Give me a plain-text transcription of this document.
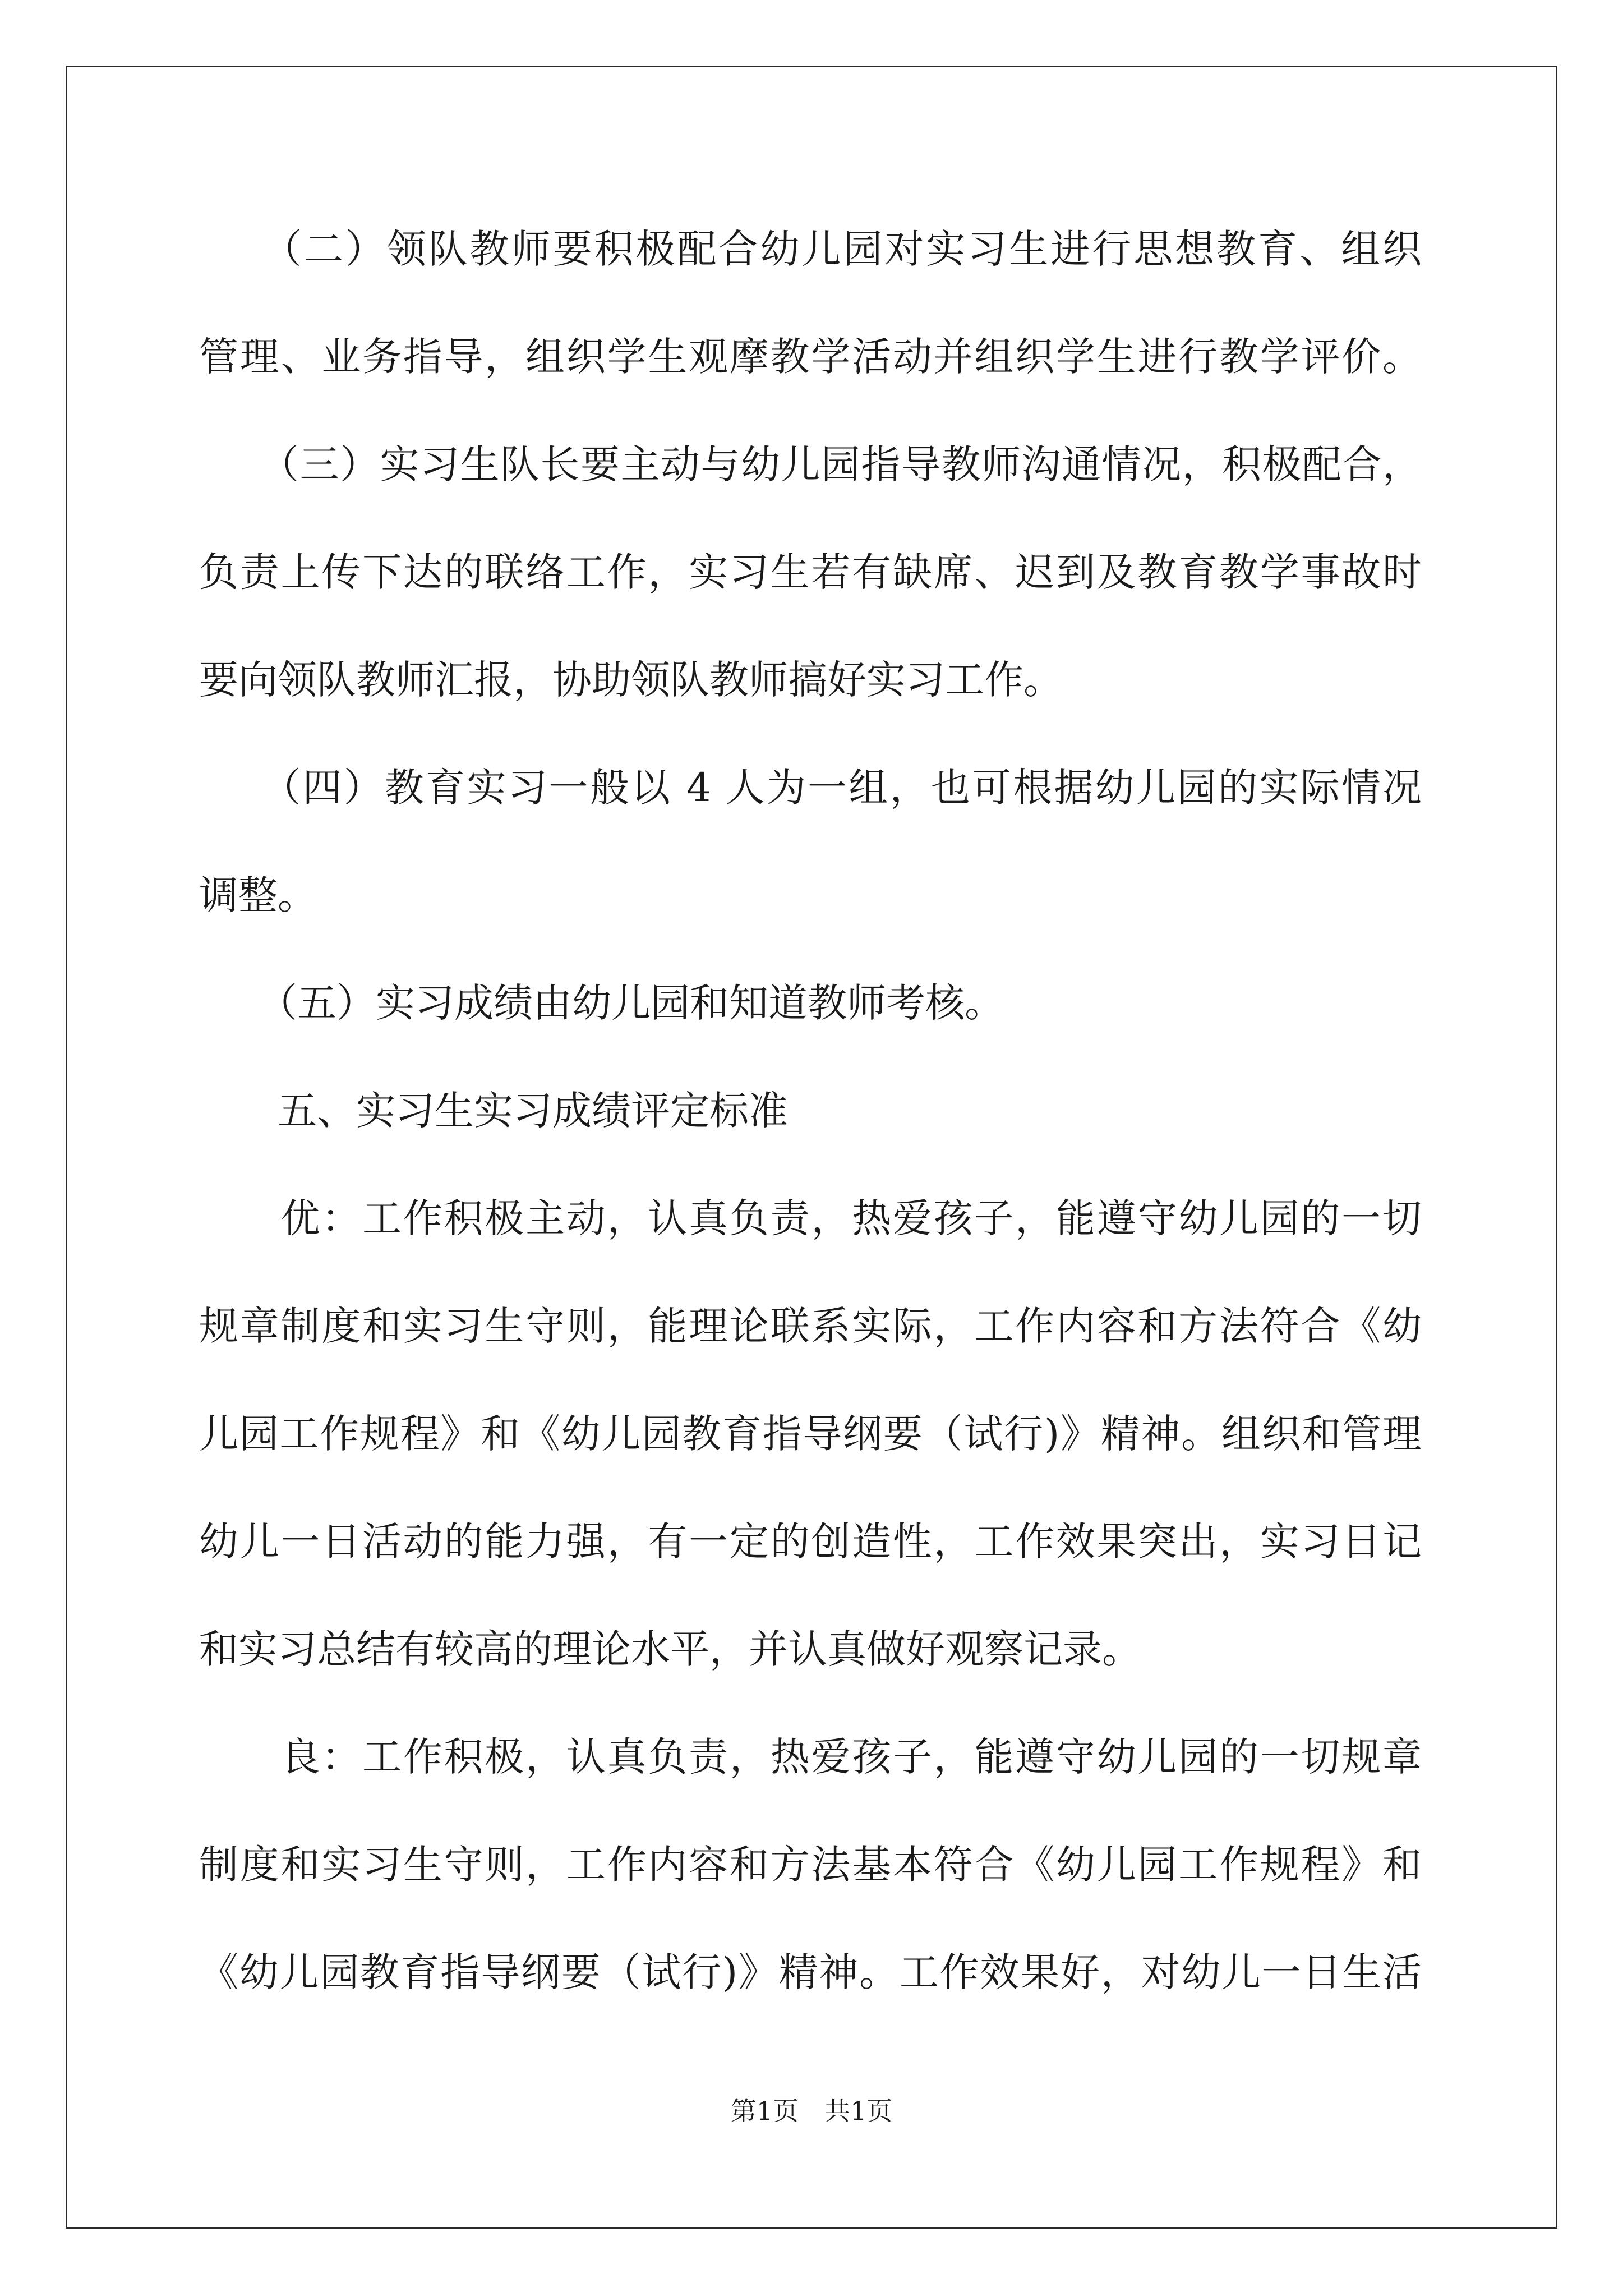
　　（二）领队教师要积极配合幼儿园对实习生进行思想教育、组织
管理、业务指导，组织学生观摩教学活动并组织学生进行教学评价。
　　（三）实习生队长要主动与幼儿园指导教师沟通情况，积极配合，
负责上传下达的联络工作，实习生若有缺席、迟到及教育教学事故时
要向领队教师汇报，协助领队教师搞好实习工作。
　　（四）教育实习一般以 4 人为一组，也可根据幼儿园的实际情况
调整。
　　（五）实习成绩由幼儿园和知道教师考核。
　　五、实习生实习成绩评定标准
　　优：工作积极主动，认真负责，热爱孩子，能遵守幼儿园的一切
规章制度和实习生守则，能理论联系实际，工作内容和方法符合《幼
儿园工作规程》和《幼儿园教育指导纲要（试行)》精神。组织和管理
幼儿一日活动的能力强，有一定的创造性，工作效果突出，实习日记
和实习总结有较高的理论水平，并认真做好观察记录。
　　良：工作积极，认真负责，热爱孩子，能遵守幼儿园的一切规章
制度和实习生守则，工作内容和方法基本符合《幼儿园工作规程》和
《幼儿园教育指导纲要（试行)》精神。工作效果好，对幼儿一日生活
第1页　共1页
